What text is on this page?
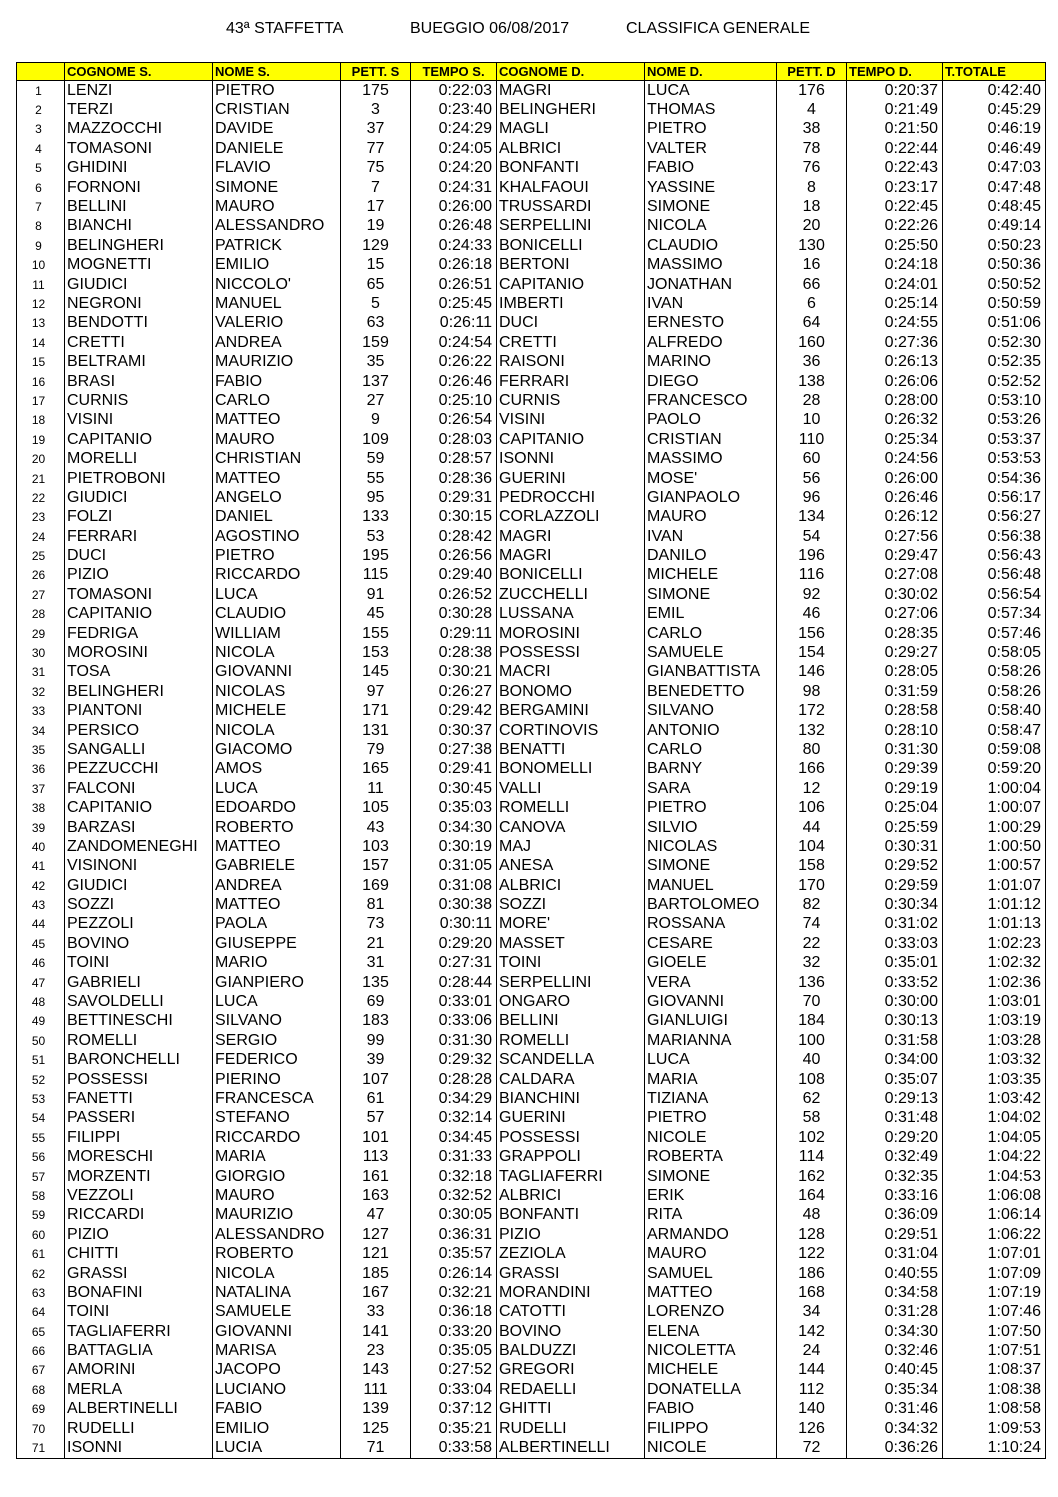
43ª STAFFETTA	BUEGGIO 06/08/2017	CLASSIFICA GENERALE
	COGNOME S.	NOME S.	PETT. S	TEMPO S.	COGNOME D.	NOME D.	PETT. D	TEMPO D.	T.TOTALE
1	LENZI	PIETRO	175	0:22:03	MAGRI	LUCA	176	0:20:37	0:42:40
2	TERZI	CRISTIAN	3	0:23:40	BELINGHERI	THOMAS	4	0:21:49	0:45:29
3	MAZZOCCHI	DAVIDE	37	0:24:29	MAGLI	PIETRO	38	0:21:50	0:46:19
4	TOMASONI	DANIELE	77	0:24:05	ALBRICI	VALTER	78	0:22:44	0:46:49
5	GHIDINI	FLAVIO	75	0:24:20	BONFANTI	FABIO	76	0:22:43	0:47:03
6	FORNONI	SIMONE	7	0:24:31	KHALFAOUI	YASSINE	8	0:23:17	0:47:48
7	BELLINI	MAURO	17	0:26:00	TRUSSARDI	SIMONE	18	0:22:45	0:48:45
8	BIANCHI	ALESSANDRO	19	0:26:48	SERPELLINI	NICOLA	20	0:22:26	0:49:14
9	BELINGHERI	PATRICK	129	0:24:33	BONICELLI	CLAUDIO	130	0:25:50	0:50:23
10	MOGNETTI	EMILIO	15	0:26:18	BERTONI	MASSIMO	16	0:24:18	0:50:36
11	GIUDICI	NICCOLO'	65	0:26:51	CAPITANIO	JONATHAN	66	0:24:01	0:50:52
12	NEGRONI	MANUEL	5	0:25:45	IMBERTI	IVAN	6	0:25:14	0:50:59
13	BENDOTTI	VALERIO	63	0:26:11	DUCI	ERNESTO	64	0:24:55	0:51:06
14	CRETTI	ANDREA	159	0:24:54	CRETTI	ALFREDO	160	0:27:36	0:52:30
15	BELTRAMI	MAURIZIO	35	0:26:22	RAISONI	MARINO	36	0:26:13	0:52:35
16	BRASI	FABIO	137	0:26:46	FERRARI	DIEGO	138	0:26:06	0:52:52
17	CURNIS	CARLO	27	0:25:10	CURNIS	FRANCESCO	28	0:28:00	0:53:10
18	VISINI	MATTEO	9	0:26:54	VISINI	PAOLO	10	0:26:32	0:53:26
19	CAPITANIO	MAURO	109	0:28:03	CAPITANIO	CRISTIAN	110	0:25:34	0:53:37
20	MORELLI	CHRISTIAN	59	0:28:57	ISONNI	MASSIMO	60	0:24:56	0:53:53
21	PIETROBONI	MATTEO	55	0:28:36	GUERINI	MOSE'	56	0:26:00	0:54:36
22	GIUDICI	ANGELO	95	0:29:31	PEDROCCHI	GIANPAOLO	96	0:26:46	0:56:17
23	FOLZI	DANIEL	133	0:30:15	CORLAZZOLI	MAURO	134	0:26:12	0:56:27
24	FERRARI	AGOSTINO	53	0:28:42	MAGRI	IVAN	54	0:27:56	0:56:38
25	DUCI	PIETRO	195	0:26:56	MAGRI	DANILO	196	0:29:47	0:56:43
26	PIZIO	RICCARDO	115	0:29:40	BONICELLI	MICHELE	116	0:27:08	0:56:48
27	TOMASONI	LUCA	91	0:26:52	ZUCCHELLI	SIMONE	92	0:30:02	0:56:54
28	CAPITANIO	CLAUDIO	45	0:30:28	LUSSANA	EMIL	46	0:27:06	0:57:34
29	FEDRIGA	WILLIAM	155	0:29:11	MOROSINI	CARLO	156	0:28:35	0:57:46
30	MOROSINI	NICOLA	153	0:28:38	POSSESSI	SAMUELE	154	0:29:27	0:58:05
31	TOSA	GIOVANNI	145	0:30:21	MACRI	GIANBATTISTA	146	0:28:05	0:58:26
32	BELINGHERI	NICOLAS	97	0:26:27	BONOMO	BENEDETTO	98	0:31:59	0:58:26
33	PIANTONI	MICHELE	171	0:29:42	BERGAMINI	SILVANO	172	0:28:58	0:58:40
34	PERSICO	NICOLA	131	0:30:37	CORTINOVIS	ANTONIO	132	0:28:10	0:58:47
35	SANGALLI	GIACOMO	79	0:27:38	BENATTI	CARLO	80	0:31:30	0:59:08
36	PEZZUCCHI	AMOS	165	0:29:41	BONOMELLI	BARNY	166	0:29:39	0:59:20
37	FALCONI	LUCA	11	0:30:45	VALLI	SARA	12	0:29:19	1:00:04
38	CAPITANIO	EDOARDO	105	0:35:03	ROMELLI	PIETRO	106	0:25:04	1:00:07
39	BARZASI	ROBERTO	43	0:34:30	CANOVA	SILVIO	44	0:25:59	1:00:29
40	ZANDOMENEGHI	MATTEO	103	0:30:19	MAJ	NICOLAS	104	0:30:31	1:00:50
41	VISINONI	GABRIELE	157	0:31:05	ANESA	SIMONE	158	0:29:52	1:00:57
42	GIUDICI	ANDREA	169	0:31:08	ALBRICI	MANUEL	170	0:29:59	1:01:07
43	SOZZI	MATTEO	81	0:30:38	SOZZI	BARTOLOMEO	82	0:30:34	1:01:12
44	PEZZOLI	PAOLA	73	0:30:11	MORE'	ROSSANA	74	0:31:02	1:01:13
45	BOVINO	GIUSEPPE	21	0:29:20	MASSET	CESARE	22	0:33:03	1:02:23
46	TOINI	MARIO	31	0:27:31	TOINI	GIOELE	32	0:35:01	1:02:32
47	GABRIELI	GIANPIERO	135	0:28:44	SERPELLINI	VERA	136	0:33:52	1:02:36
48	SAVOLDELLI	LUCA	69	0:33:01	ONGARO	GIOVANNI	70	0:30:00	1:03:01
49	BETTINESCHI	SILVANO	183	0:33:06	BELLINI	GIANLUIGI	184	0:30:13	1:03:19
50	ROMELLI	SERGIO	99	0:31:30	ROMELLI	MARIANNA	100	0:31:58	1:03:28
51	BARONCHELLI	FEDERICO	39	0:29:32	SCANDELLA	LUCA	40	0:34:00	1:03:32
52	POSSESSI	PIERINO	107	0:28:28	CALDARA	MARIA	108	0:35:07	1:03:35
53	FANETTI	FRANCESCA	61	0:34:29	BIANCHINI	TIZIANA	62	0:29:13	1:03:42
54	PASSERI	STEFANO	57	0:32:14	GUERINI	PIETRO	58	0:31:48	1:04:02
55	FILIPPI	RICCARDO	101	0:34:45	POSSESSI	NICOLE	102	0:29:20	1:04:05
56	MORESCHI	MARIA	113	0:31:33	GRAPPOLI	ROBERTA	114	0:32:49	1:04:22
57	MORZENTI	GIORGIO	161	0:32:18	TAGLIAFERRI	SIMONE	162	0:32:35	1:04:53
58	VEZZOLI	MAURO	163	0:32:52	ALBRICI	ERIK	164	0:33:16	1:06:08
59	RICCARDI	MAURIZIO	47	0:30:05	BONFANTI	RITA	48	0:36:09	1:06:14
60	PIZIO	ALESSANDRO	127	0:36:31	PIZIO	ARMANDO	128	0:29:51	1:06:22
61	CHITTI	ROBERTO	121	0:35:57	ZEZIOLA	MAURO	122	0:31:04	1:07:01
62	GRASSI	NICOLA	185	0:26:14	GRASSI	SAMUEL	186	0:40:55	1:07:09
63	BONAFINI	NATALINA	167	0:32:21	MORANDINI	MATTEO	168	0:34:58	1:07:19
64	TOINI	SAMUELE	33	0:36:18	CATOTTI	LORENZO	34	0:31:28	1:07:46
65	TAGLIAFERRI	GIOVANNI	141	0:33:20	BOVINO	ELENA	142	0:34:30	1:07:50
66	BATTAGLIA	MARISA	23	0:35:05	BALDUZZI	NICOLETTA	24	0:32:46	1:07:51
67	AMORINI	JACOPO	143	0:27:52	GREGORI	MICHELE	144	0:40:45	1:08:37
68	MERLA	LUCIANO	111	0:33:04	REDAELLI	DONATELLA	112	0:35:34	1:08:38
69	ALBERTINELLI	FABIO	139	0:37:12	GHITTI	FABIO	140	0:31:46	1:08:58
70	RUDELLI	EMILIO	125	0:35:21	RUDELLI	FILIPPO	126	0:34:32	1:09:53
71	ISONNI	LUCIA	71	0:33:58	ALBERTINELLI	NICOLE	72	0:36:26	1:10:24
